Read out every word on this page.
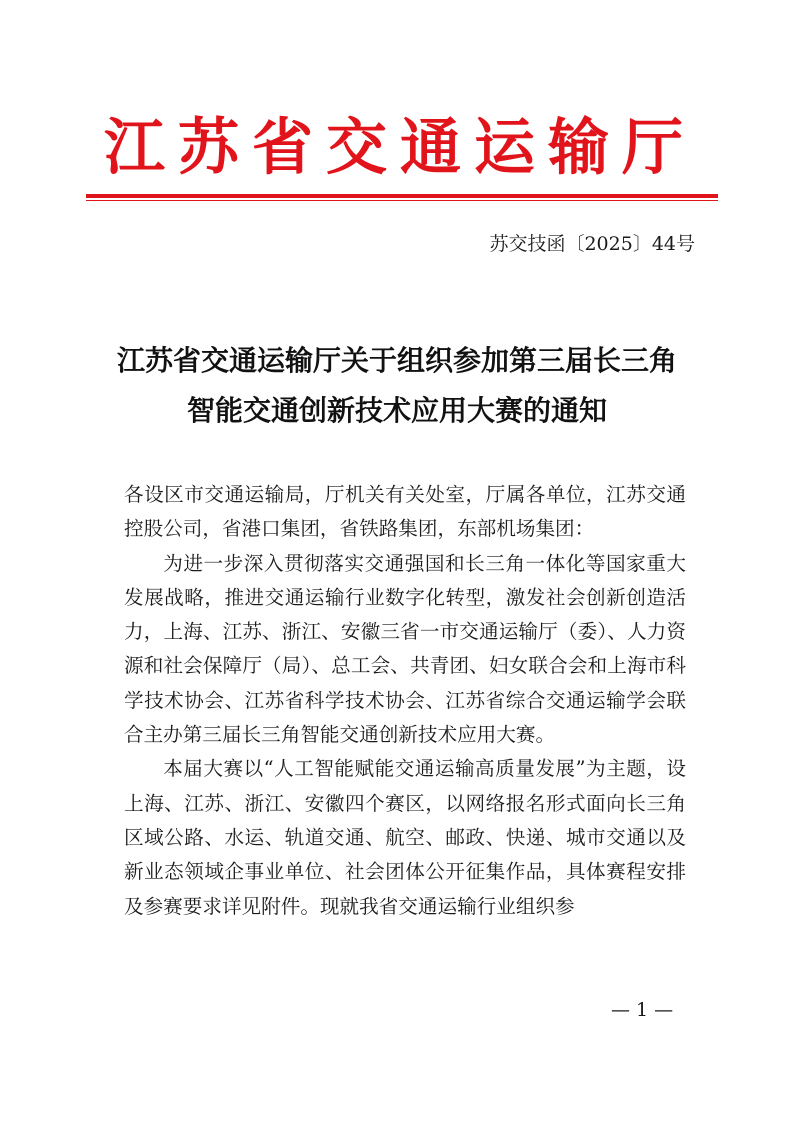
江苏省交通运输厅
苏交技函〔2025〕44号
江苏省交通运输厅关于组织参加第三届长三角
智能交通创新技术应用大赛的通知

各设区市交通运输局，厅机关有关处室，厅属各单位，江苏交通控股公司，省港口集团，省铁路集团，东部机场集团：

为进一步深入贯彻落实交通强国和长三角一体化等国家重大发展战略，推进交通运输行业数字化转型，激发社会创新创造活力，上海、江苏、浙江、安徽三省一市交通运输厅（委）、人力资源和社会保障厅（局）、总工会、共青团、妇女联合会和上海市科学技术协会、江苏省科学技术协会、江苏省综合交通运输学会联合主办第三届长三角智能交通创新技术应用大赛。

本届大赛以“人工智能赋能交通运输高质量发展”为主题，设上海、江苏、浙江、安徽四个赛区，以网络报名形式面向长三角区域公路、水运、轨道交通、航空、邮政、快递、城市交通以及新业态领域企事业单位、社会团体公开征集作品，具体赛程安排及参赛要求详见附件。现就我省交通运输行业组织参

— 1 —
